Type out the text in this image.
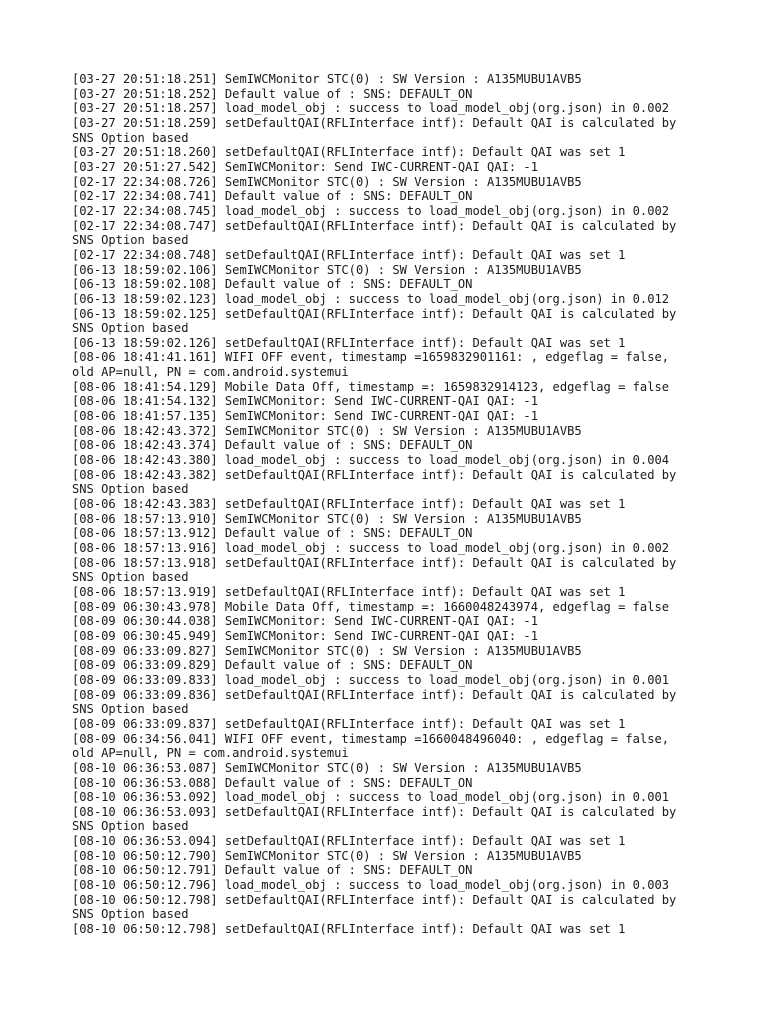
[03-27 20:51:18.251] SemIWCMonitor STC(0) : SW Version : A135MUBU1AVB5
[03-27 20:51:18.252] Default value of : SNS: DEFAULT_ON
[03-27 20:51:18.257] load_model_obj : success to load_model_obj(org.json) in 0.002
[03-27 20:51:18.259] setDefaultQAI(RFLInterface intf): Default QAI is calculated by
SNS Option based
[03-27 20:51:18.260] setDefaultQAI(RFLInterface intf): Default QAI was set 1
[03-27 20:51:27.542] SemIWCMonitor: Send IWC-CURRENT-QAI QAI: -1
[02-17 22:34:08.726] SemIWCMonitor STC(0) : SW Version : A135MUBU1AVB5
[02-17 22:34:08.741] Default value of : SNS: DEFAULT_ON
[02-17 22:34:08.745] load_model_obj : success to load_model_obj(org.json) in 0.002
[02-17 22:34:08.747] setDefaultQAI(RFLInterface intf): Default QAI is calculated by
SNS Option based
[02-17 22:34:08.748] setDefaultQAI(RFLInterface intf): Default QAI was set 1
[06-13 18:59:02.106] SemIWCMonitor STC(0) : SW Version : A135MUBU1AVB5
[06-13 18:59:02.108] Default value of : SNS: DEFAULT_ON
[06-13 18:59:02.123] load_model_obj : success to load_model_obj(org.json) in 0.012
[06-13 18:59:02.125] setDefaultQAI(RFLInterface intf): Default QAI is calculated by
SNS Option based
[06-13 18:59:02.126] setDefaultQAI(RFLInterface intf): Default QAI was set 1
[08-06 18:41:41.161] WIFI OFF event, timestamp =1659832901161: , edgeflag = false,
old AP=null, PN = com.android.systemui
[08-06 18:41:54.129] Mobile Data Off, timestamp =: 1659832914123, edgeflag = false
[08-06 18:41:54.132] SemIWCMonitor: Send IWC-CURRENT-QAI QAI: -1
[08-06 18:41:57.135] SemIWCMonitor: Send IWC-CURRENT-QAI QAI: -1
[08-06 18:42:43.372] SemIWCMonitor STC(0) : SW Version : A135MUBU1AVB5
[08-06 18:42:43.374] Default value of : SNS: DEFAULT_ON
[08-06 18:42:43.380] load_model_obj : success to load_model_obj(org.json) in 0.004
[08-06 18:42:43.382] setDefaultQAI(RFLInterface intf): Default QAI is calculated by
SNS Option based
[08-06 18:42:43.383] setDefaultQAI(RFLInterface intf): Default QAI was set 1
[08-06 18:57:13.910] SemIWCMonitor STC(0) : SW Version : A135MUBU1AVB5
[08-06 18:57:13.912] Default value of : SNS: DEFAULT_ON
[08-06 18:57:13.916] load_model_obj : success to load_model_obj(org.json) in 0.002
[08-06 18:57:13.918] setDefaultQAI(RFLInterface intf): Default QAI is calculated by
SNS Option based
[08-06 18:57:13.919] setDefaultQAI(RFLInterface intf): Default QAI was set 1
[08-09 06:30:43.978] Mobile Data Off, timestamp =: 1660048243974, edgeflag = false
[08-09 06:30:44.038] SemIWCMonitor: Send IWC-CURRENT-QAI QAI: -1
[08-09 06:30:45.949] SemIWCMonitor: Send IWC-CURRENT-QAI QAI: -1
[08-09 06:33:09.827] SemIWCMonitor STC(0) : SW Version : A135MUBU1AVB5
[08-09 06:33:09.829] Default value of : SNS: DEFAULT_ON
[08-09 06:33:09.833] load_model_obj : success to load_model_obj(org.json) in 0.001
[08-09 06:33:09.836] setDefaultQAI(RFLInterface intf): Default QAI is calculated by
SNS Option based
[08-09 06:33:09.837] setDefaultQAI(RFLInterface intf): Default QAI was set 1
[08-09 06:34:56.041] WIFI OFF event, timestamp =1660048496040: , edgeflag = false,
old AP=null, PN = com.android.systemui
[08-10 06:36:53.087] SemIWCMonitor STC(0) : SW Version : A135MUBU1AVB5
[08-10 06:36:53.088] Default value of : SNS: DEFAULT_ON
[08-10 06:36:53.092] load_model_obj : success to load_model_obj(org.json) in 0.001
[08-10 06:36:53.093] setDefaultQAI(RFLInterface intf): Default QAI is calculated by
SNS Option based
[08-10 06:36:53.094] setDefaultQAI(RFLInterface intf): Default QAI was set 1
[08-10 06:50:12.790] SemIWCMonitor STC(0) : SW Version : A135MUBU1AVB5
[08-10 06:50:12.791] Default value of : SNS: DEFAULT_ON
[08-10 06:50:12.796] load_model_obj : success to load_model_obj(org.json) in 0.003
[08-10 06:50:12.798] setDefaultQAI(RFLInterface intf): Default QAI is calculated by
SNS Option based
[08-10 06:50:12.798] setDefaultQAI(RFLInterface intf): Default QAI was set 1
